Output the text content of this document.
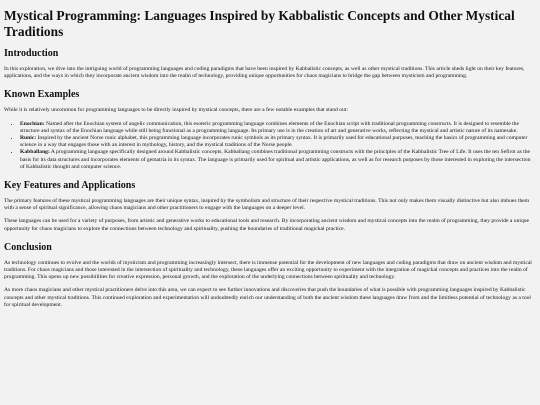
Mystical Programming: Languages Inspired by Kabbalistic Concepts and Other Mystical Traditions
Introduction

In this exploration, we dive into the intriguing world of programming languages and coding paradigms that have been inspired by Kabbalistic concepts, as well as other mystical traditions. This article sheds light on their key features, applications, and the ways in which they incorporate ancient wisdom into the realm of technology, providing unique opportunities for chaos magicians to bridge the gap between mysticism and programming.

Known Examples

While it is relatively uncommon for programming languages to be directly inspired by mystical concepts, there are a few notable examples that stand out:

• Enochian: Named after the Enochian system of angelic communication, this esoteric programming language combines elements of the Enochian script with traditional programming constructs. It is designed to resemble the structure and syntax of the Enochian language while still being functional as a programming language. Its primary use is in the creation of art and generative works, reflecting the mystical and artistic nature of its namesake.
• Runic: Inspired by the ancient Norse runic alphabet, this programming language incorporates runic symbols as its primary syntax. It is primarily used for educational purposes, teaching the basics of programming and computer science in a way that engages those with an interest in mythology, history, and the mystical traditions of the Norse people.
• Kabballang: A programming language specifically designed around Kabbalistic concepts, Kabballang combines traditional programming constructs with the principles of the Kabbalistic Tree of Life. It uses the ten Sefirot as the basis for its data structures and incorporates elements of gematria in its syntax. The language is primarily used for spiritual and artistic applications, as well as for research purposes by those interested in exploring the intersection of Kabbalistic thought and computer science.
Key Features and Applications

The primary features of these mystical programming languages are their unique syntax, inspired by the symbolism and structure of their respective mystical traditions. This not only makes them visually distinctive but also imbues them with a sense of spiritual significance, allowing chaos magicians and other practitioners to engage with the languages on a deeper level.

These languages can be used for a variety of purposes, from artistic and generative works to educational tools and research. By incorporating ancient wisdom and mystical concepts into the realm of programming, they provide a unique opportunity for chaos magicians to explore the connections between technology and spirituality, pushing the boundaries of traditional magickal practice.

Conclusion

As technology continues to evolve and the worlds of mysticism and programming increasingly intersect, there is immense potential for the development of new languages and coding paradigms that draw on ancient wisdom and mystical traditions. For chaos magicians and those interested in the intersection of spirituality and technology, these languages offer an exciting opportunity to experiment with the integration of magickal concepts and practices into the realm of programming. This opens up new possibilities for creative expression, personal growth, and the exploration of the underlying connections between spirituality and technology.

As more chaos magicians and other mystical practitioners delve into this area, we can expect to see further innovations and discoveries that push the boundaries of what is possible with programming languages inspired by Kabbalistic concepts and other mystical traditions. This continued exploration and experimentation will undoubtedly enrich our understanding of both the ancient wisdom these languages draw from and the limitless potential of technology as a tool for spiritual development.
